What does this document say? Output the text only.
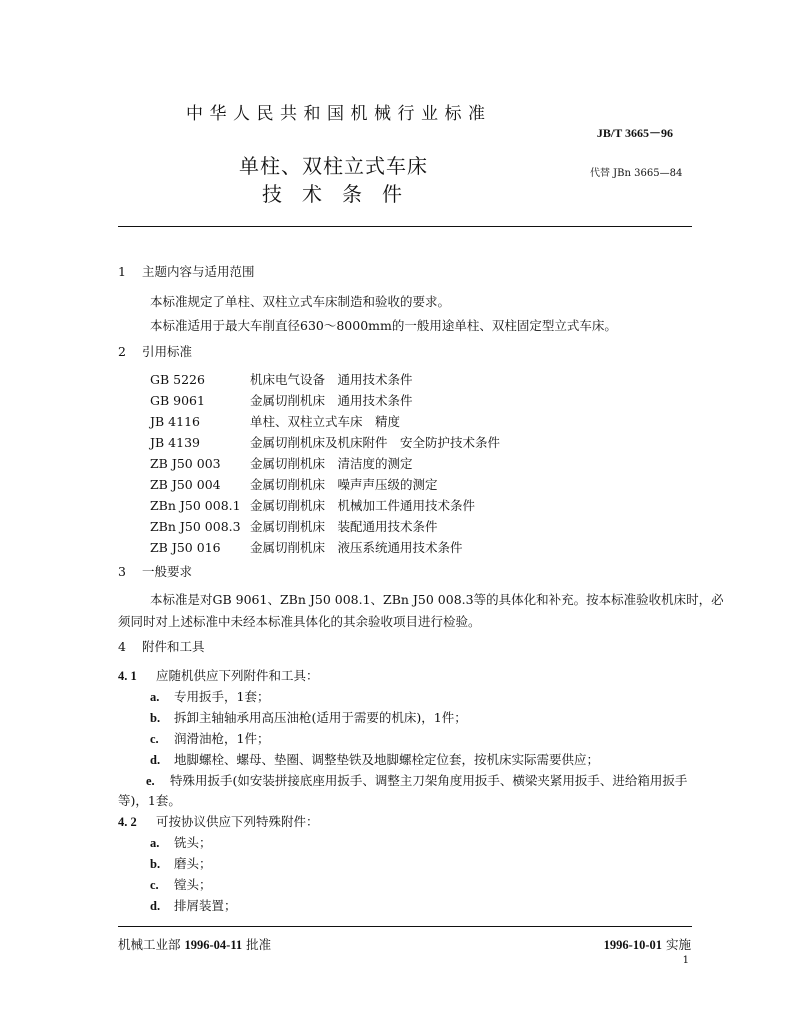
中华人民共和国机械行业标准
JB/T 3665－96
单柱、双柱立式车床
技术条件
代替 JBn 3665—84
1 主题内容与适用范围
本标准规定了单柱、双柱立式车床制造和验收的要求。
本标准适用于最大车削直径630～8000mm的一般用途单柱、双柱固定型立式车床。
2 引用标准
GB 5226	机床电气设备　通用技术条件
GB 9061	金属切削机床　通用技术条件
JB 4116	单柱、双柱立式车床　精度
JB 4139	金属切削机床及机床附件　安全防护技术条件
ZB J50 003 金属切削机床　清洁度的测定
ZB J50 004 金属切削机床　噪声声压级的测定
ZBn J50 008.1 金属切削机床　机械加工件通用技术条件
ZBn J50 008.3 金属切削机床　装配通用技术条件
ZB J50 016 金属切削机床　液压系统通用技术条件
3 一般要求
本标准是对GB 9061、ZBn J50 008.1、ZBn J50 008.3等的具体化和补充。按本标准验收机床时，必
须同时对上述标准中未经本标准具体化的其余验收项目进行检验。
4 附件和工具
4. 1 应随机供应下列附件和工具：
a. 专用扳手，1套；
b. 拆卸主轴轴承用高压油枪(适用于需要的机床)，1件；
c. 润滑油枪，1件；
d. 地脚螺栓、螺母、垫圈、调整垫铁及地脚螺栓定位套，按机床实际需要供应；
e. 特殊用扳手(如安装拼接底座用扳手、调整主刀架角度用扳手、横梁夹紧用扳手、进给箱用扳手
等)，1套。
4. 2 可按协议供应下列特殊附件：
a. 铣头；
b. 磨头；
c. 镗头；
d. 排屑装置；
机械工业部 1996-04-11 批准	1996-10-01 实施
1
